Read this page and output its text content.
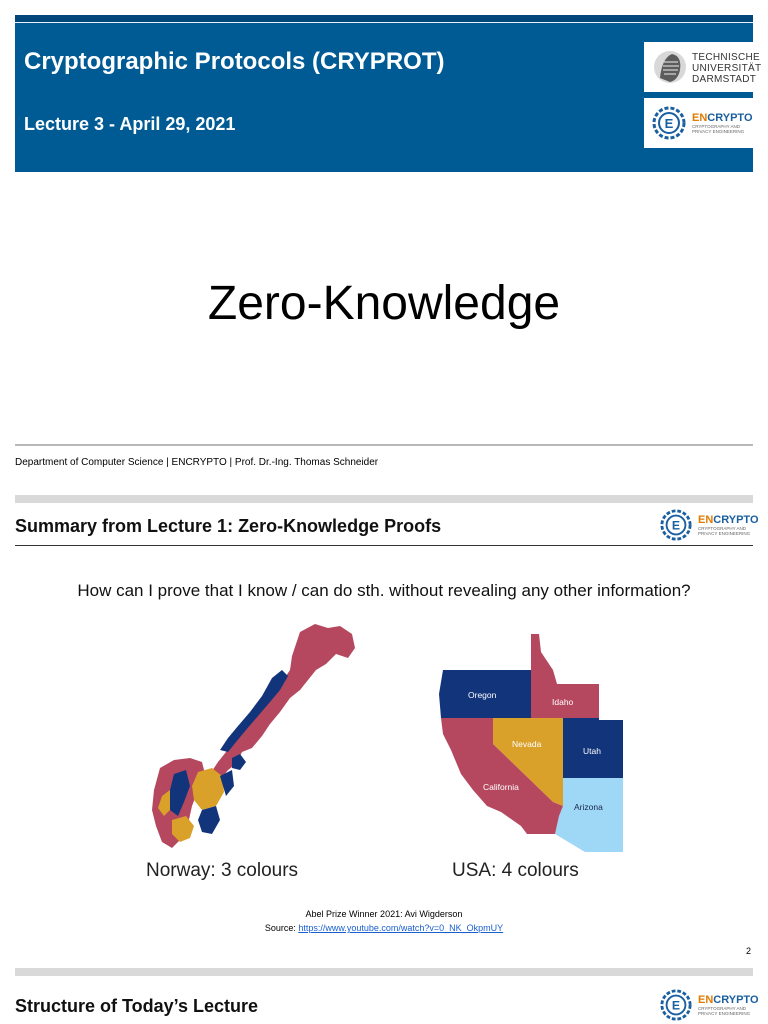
Cryptographic Protocols (CRYPROT)
Lecture 3 - April 29, 2021
TECHNISCHE
UNIVERSITÄT
DARMSTADT
E ENCRYPTO
CRYPTOGRAPHY AND
PRIVACY ENGINEERING
Zero-Knowledge
Department of Computer Science | ENCRYPTO | Prof. Dr.-Ing. Thomas Schneider
Summary from Lecture 1: Zero-Knowledge Proofs	E ENCRYPTO
CRYPTOGRAPHY AND
PRIVACY ENGINEERING
How can I prove that I know / can do sth. without revealing any other information?
Norway: 3 colours
Oregon
Idaho
Nevada
Utah
California
Arizona
USA: 4 colours
Abel Prize Winner 2021: Avi Wigderson
Source: https://www.youtube.com/watch?v=0_NK_OkpmUY
2
Structure of Today’s Lecture	E ENCRYPTO
CRYPTOGRAPHY AND
PRIVACY ENGINEERING
